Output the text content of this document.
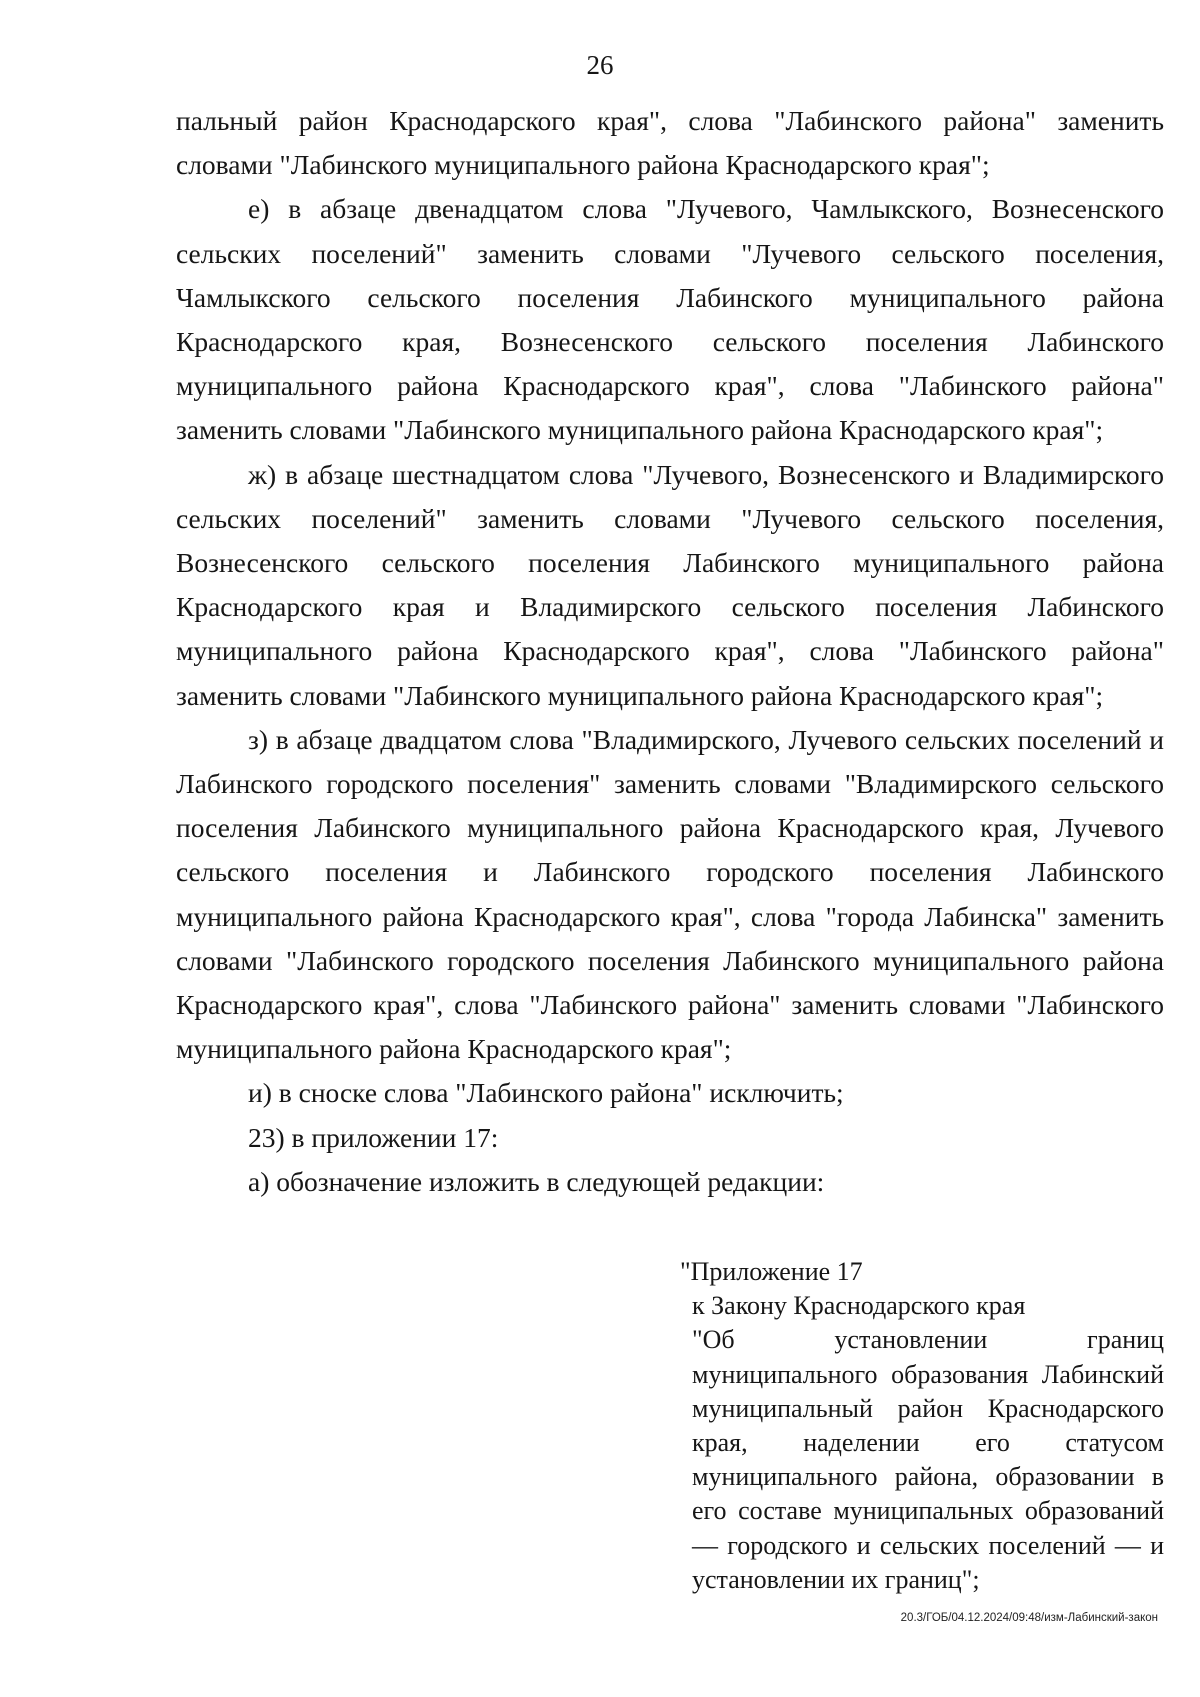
26

пальный район Краснодарского края", слова "Лабинского района" заменить словами "Лабинского муниципального района Краснодарского края";

е) в абзаце двенадцатом слова "Лучевого, Чамлыкского, Вознесенского сельских поселений" заменить словами "Лучевого сельского поселения, Чамлыкского сельского поселения Лабинского муниципального района Краснодарского края, Вознесенского сельского поселения Лабинского муниципального района Краснодарского края", слова "Лабинского района" заменить словами "Лабинского муниципального района Краснодарского края";

ж) в абзаце шестнадцатом слова "Лучевого, Вознесенского и Владимирского сельских поселений" заменить словами "Лучевого сельского поселения, Вознесенского сельского поселения Лабинского муниципального района Краснодарского края и Владимирского сельского поселения Лабинского муниципального района Краснодарского края", слова "Лабинского района" заменить словами "Лабинского муниципального района Краснодарского края";

з) в абзаце двадцатом слова "Владимирского, Лучевого сельских поселений и Лабинского городского поселения" заменить словами "Владимирского сельского поселения Лабинского муниципального района Краснодарского края, Лучевого сельского поселения и Лабинского городского поселения Лабинского муниципального района Краснодарского края", слова "города Лабинска" заменить словами "Лабинского городского поселения Лабинского муниципального района Краснодарского края", слова "Лабинского района" заменить словами "Лабинского муниципального района Краснодарского края";

и) в сноске слова "Лабинского района" исключить;

23) в приложении 17:

а) обозначение изложить в следующей редакции:

"Приложение 17

к Закону Краснодарского края

"Об установлении границ муниципального образования Лабинский муниципальный район Краснодарского края, наделении его статусом муниципального района, образовании в его составе муниципальных образований — городского и сельских поселений — и установлении их границ";

20.3/ГОБ/04.12.2024/09:48/изм-Лабинский-закон
